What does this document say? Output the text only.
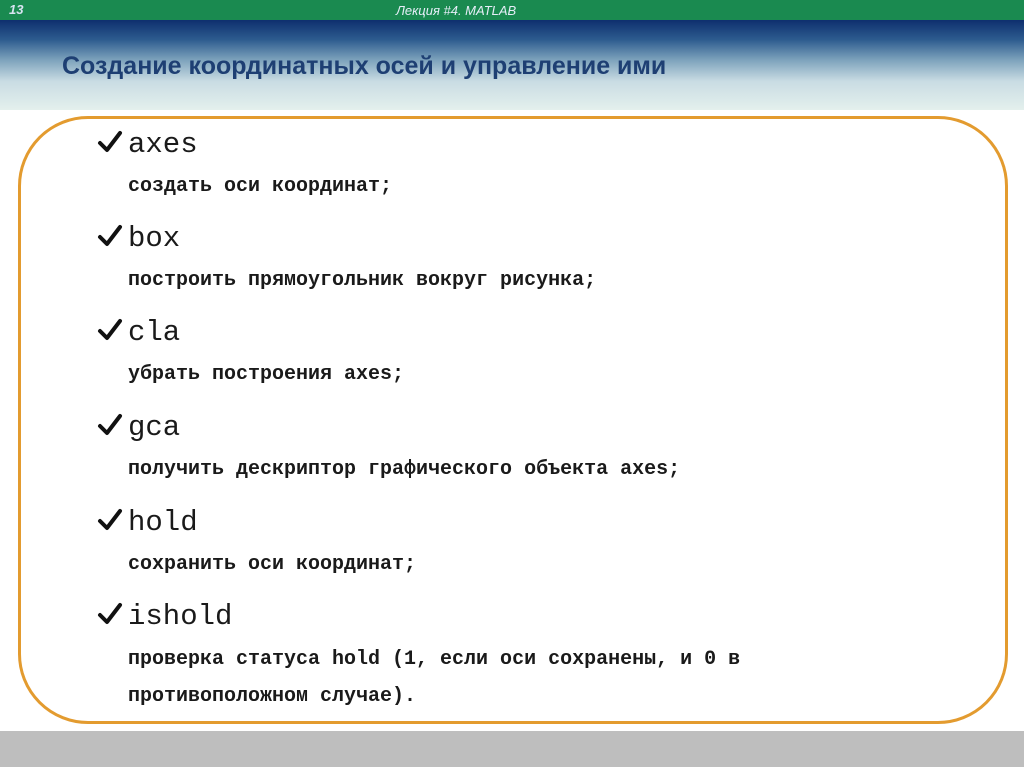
13	Лекция #4. MATLAB
Создание координатных осей и управление ими
axes
создать оси координат;
box
построить прямоугольник вокруг рисунка;
cla
убрать построения axes;
gca
получить дескриптор графического объекта axes;
hold
сохранить оси координат;
ishold
проверка статуса hold (1, если оси сохранены, и 0 в
противоположном случае).
